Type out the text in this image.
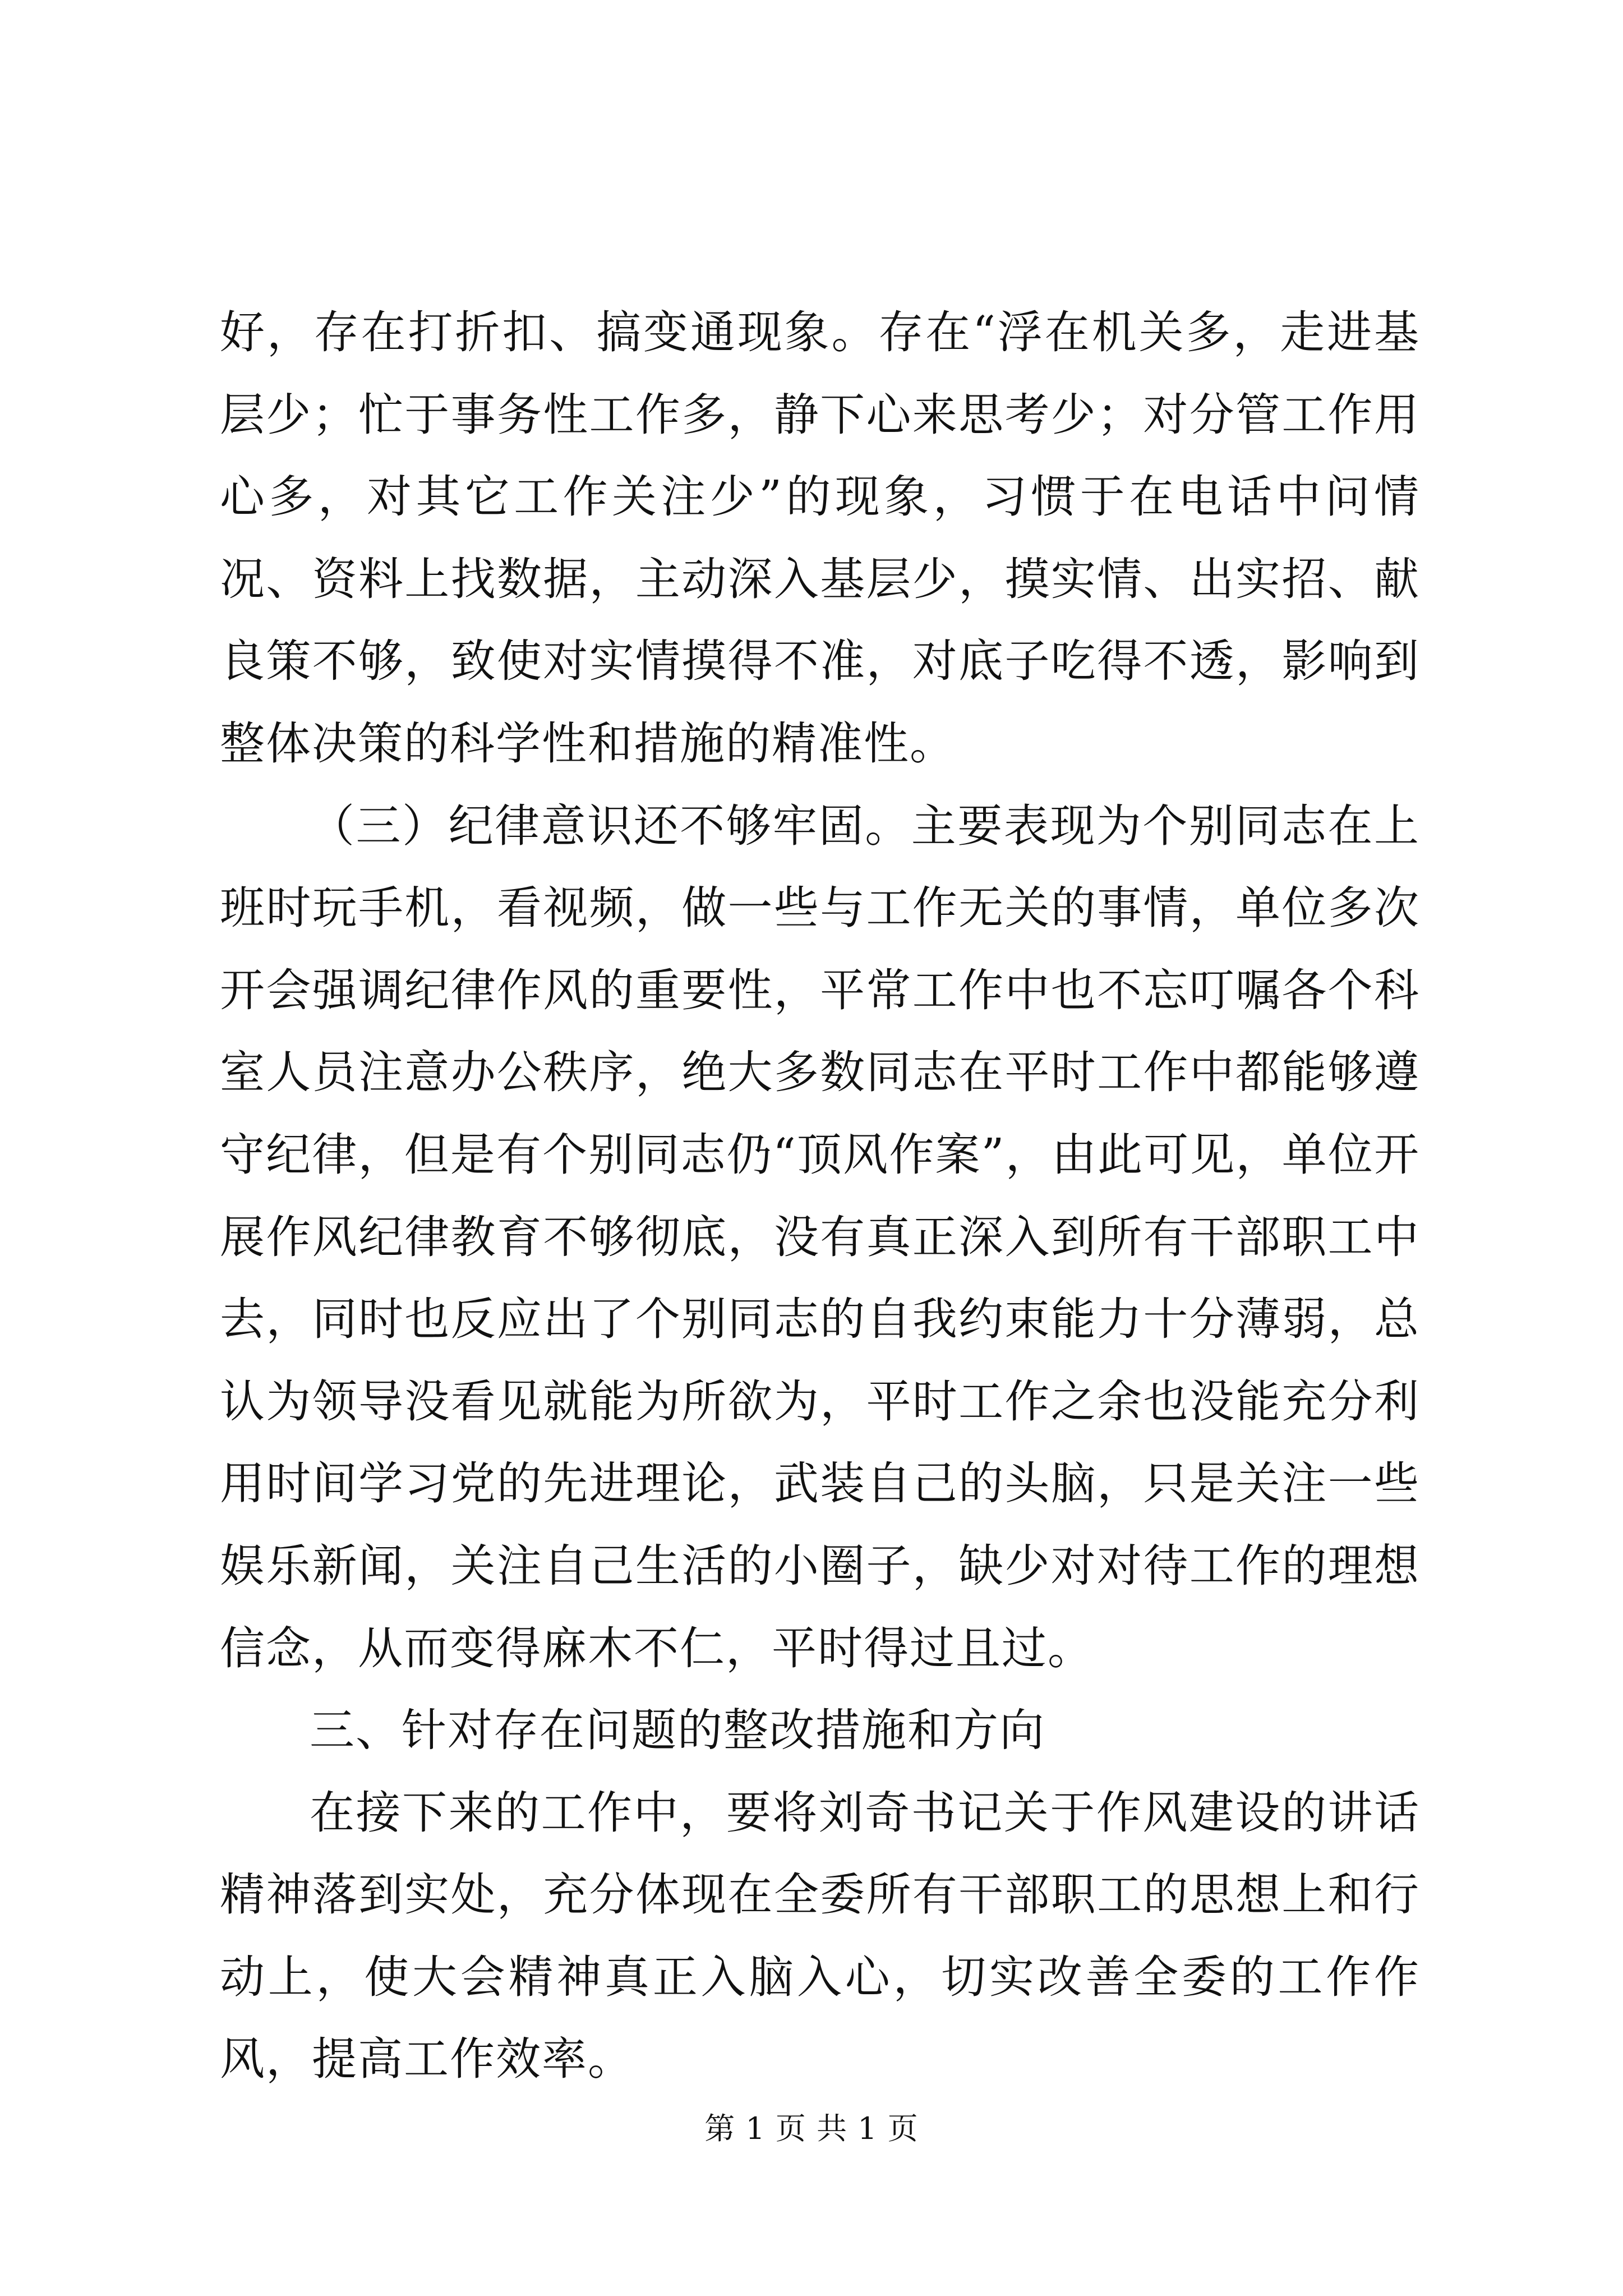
好，存在打折扣、搞变通现象。存在“浮在机关多，走进基层少；忙于事务性工作多，静下心来思考少；对分管工作用心多，对其它工作关注少”的现象，习惯于在电话中问情况、资料上找数据，主动深入基层少，摸实情、出实招、献良策不够，致使对实情摸得不准，对底子吃得不透，影响到整体决策的科学性和措施的精准性。

（三）纪律意识还不够牢固。主要表现为个别同志在上班时玩手机，看视频，做一些与工作无关的事情，单位多次开会强调纪律作风的重要性，平常工作中也不忘叮嘱各个科室人员注意办公秩序，绝大多数同志在平时工作中都能够遵守纪律，但是有个别同志仍“顶风作案”，由此可见，单位开展作风纪律教育不够彻底，没有真正深入到所有干部职工中去，同时也反应出了个别同志的自我约束能力十分薄弱，总认为领导没看见就能为所欲为，平时工作之余也没能充分利用时间学习党的先进理论，武装自己的头脑，只是关注一些娱乐新闻，关注自己生活的小圈子，缺少对对待工作的理想信念，从而变得麻木不仁，平时得过且过。

三、针对存在问题的整改措施和方向

在接下来的工作中，要将刘奇书记关于作风建设的讲话精神落到实处，充分体现在全委所有干部职工的思想上和行动上，使大会精神真正入脑入心，切实改善全委的工作作风，提高工作效率。

第 1 页 共 1 页
